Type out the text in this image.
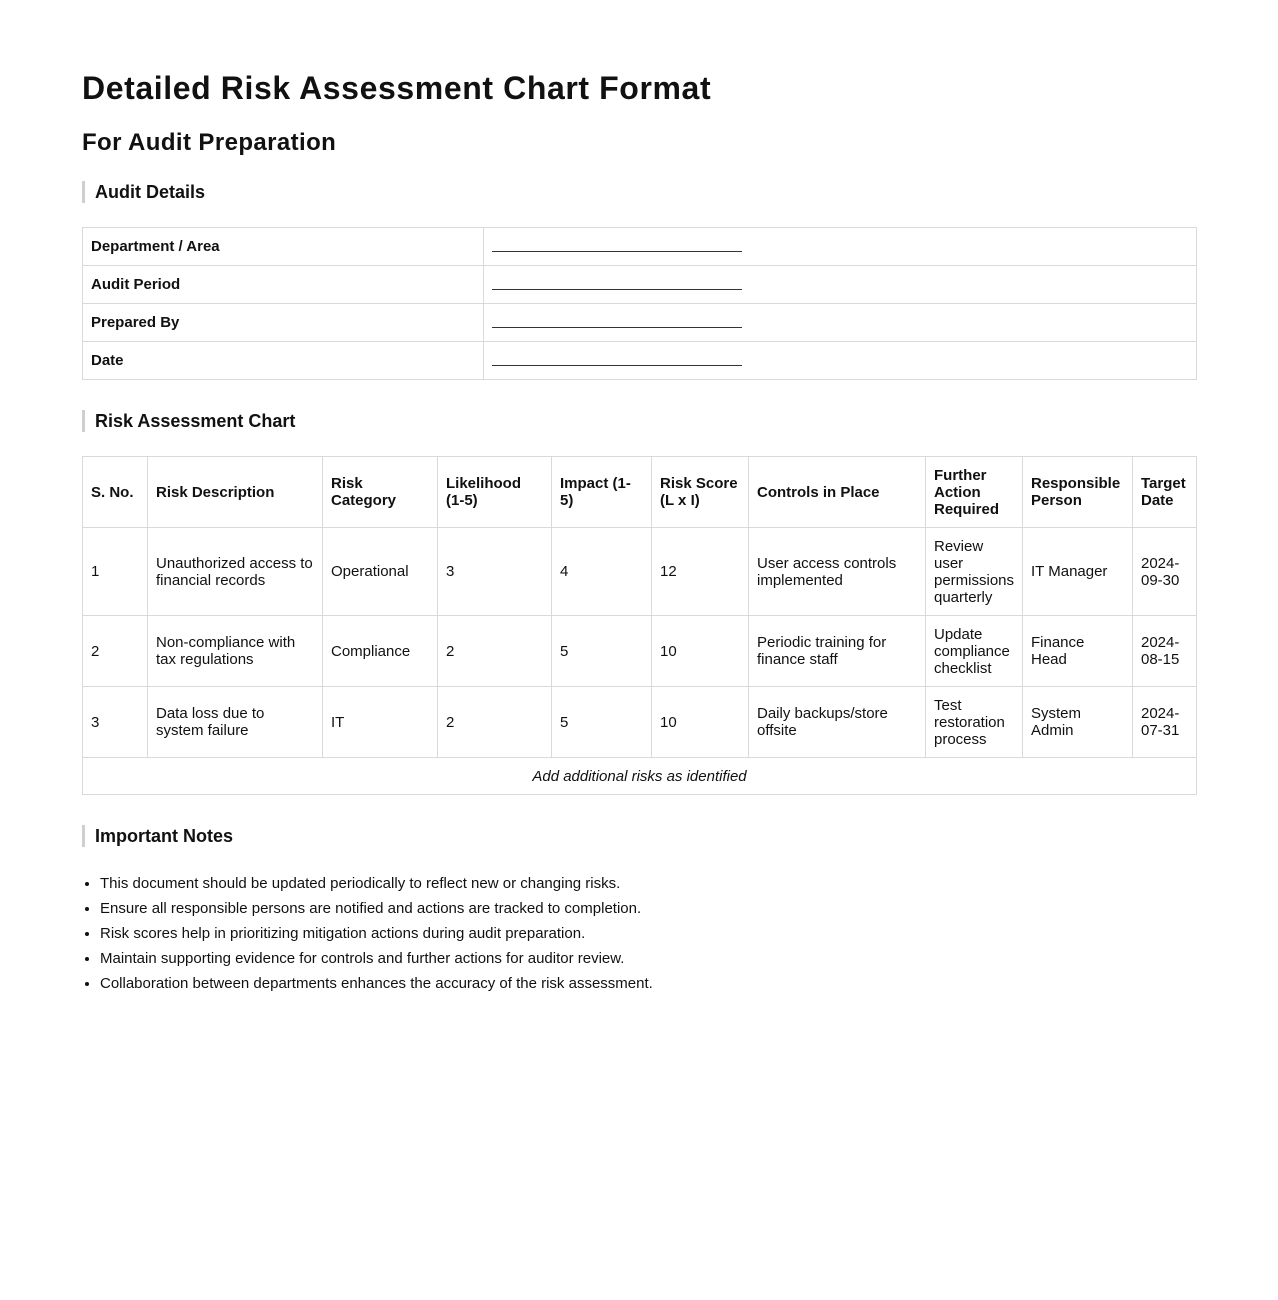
Detailed Risk Assessment Chart Format
For Audit Preparation
Audit Details
Department / Area	
Audit Period	
Prepared By	
Date	
Risk Assessment Chart
S. No.	Risk Description	Risk Category	Likelihood (1-5)	Impact (1-5)	Risk Score (L x I)	Controls in Place	Further Action Required	Responsible Person	Target Date
1	Unauthorized access to financial records	Operational	3	4	12	User access controls implemented	Review user permissions quarterly	IT Manager	2024-09-30
2	Non-compliance with tax regulations	Compliance	2	5	10	Periodic training for finance staff	Update compliance checklist	Finance Head	2024-08-15
3	Data loss due to system failure	IT	2	5	10	Daily backups/store offsite	Test restoration process	System Admin	2024-07-31
Add additional risks as identified									
Important Notes
• This document should be updated periodically to reflect new or changing risks.
• Ensure all responsible persons are notified and actions are tracked to completion.
• Risk scores help in prioritizing mitigation actions during audit preparation.
• Maintain supporting evidence for controls and further actions for auditor review.
• Collaboration between departments enhances the accuracy of the risk assessment.
